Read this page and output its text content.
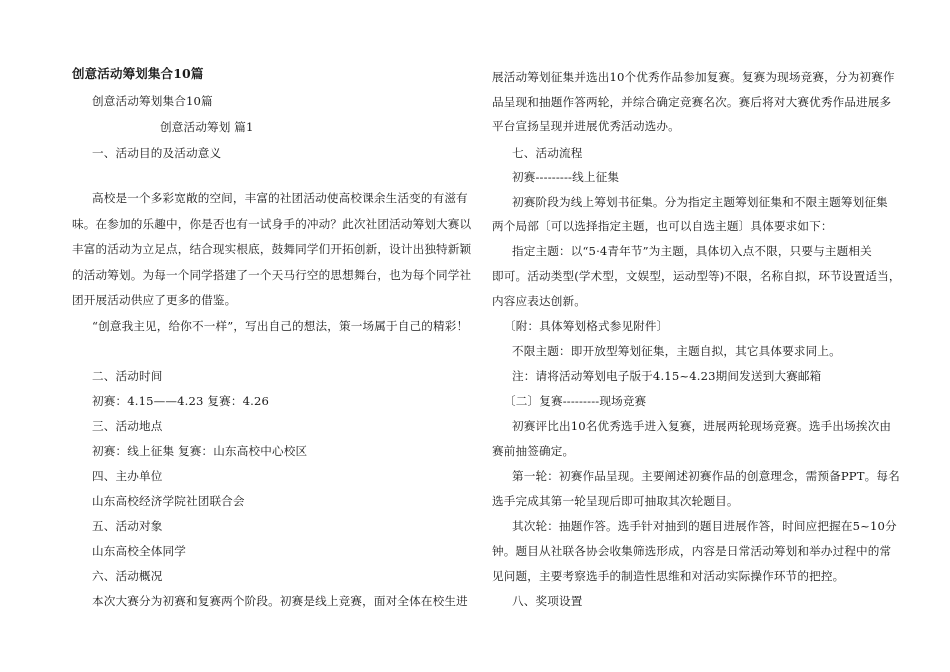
创意活动筹划集合10篇
创意活动筹划集合10篇
创意活动筹划 篇1
一、活动目的及活动意义
高校是一个多彩宽敞的空间，丰富的社团活动使高校课余生活变的有滋有
味。在参加的乐趣中，你是否也有一试身手的冲动？此次社团活动筹划大赛以
丰富的活动为立足点，结合现实根底，鼓舞同学们开拓创新，设计出独特新颖
的活动筹划。为每一个同学搭建了一个天马行空的思想舞台，也为每个同学社
团开展活动供应了更多的借鉴。
“创意我主见，给你不一样”，写出自己的想法，策一场属于自己的精彩！
二、活动时间
初赛：4.15——4.23 复赛：4.26
三、活动地点
初赛：线上征集 复赛：山东高校中心校区
四、主办单位
山东高校经济学院社团联合会
五、活动对象
山东高校全体同学
六、活动概况
本次大赛分为初赛和复赛两个阶段。初赛是线上竞赛，面对全体在校生进
展活动筹划征集并选出10个优秀作品参加复赛。复赛为现场竞赛，分为初赛作
品呈现和抽题作答两轮，并综合确定竞赛名次。赛后将对大赛优秀作品进展多
平台宣扬呈现并进展优秀活动选办。
七、活动流程
初赛---------线上征集
初赛阶段为线上筹划书征集。分为指定主题筹划征集和不限主题筹划征集
两个局部〔可以选择指定主题，也可以自选主题〕具体要求如下：
指定主题：以“5·4青年节”为主题，具体切入点不限，只要与主题相关
即可。活动类型(学术型，文娱型，运动型等)不限，名称自拟，环节设置适当，
内容应表达创新。
〔附：具体筹划格式参见附件〕
不限主题：即开放型筹划征集，主题自拟，其它具体要求同上。
注：请将活动筹划电子版于4.15~4.23期间发送到大赛邮箱
〔二〕复赛---------现场竞赛
初赛评比出10名优秀选手进入复赛，进展两轮现场竞赛。选手出场挨次由
赛前抽签确定。
第一轮：初赛作品呈现。主要阐述初赛作品的创意理念，需预备PPT。每名
选手完成其第一轮呈现后即可抽取其次轮题目。
其次轮：抽题作答。选手针对抽到的题目进展作答，时间应把握在5~10分
钟。题目从社联各协会收集筛选形成，内容是日常活动筹划和举办过程中的常
见问题，主要考察选手的制造性思维和对活动实际操作环节的把控。
八、奖项设置
